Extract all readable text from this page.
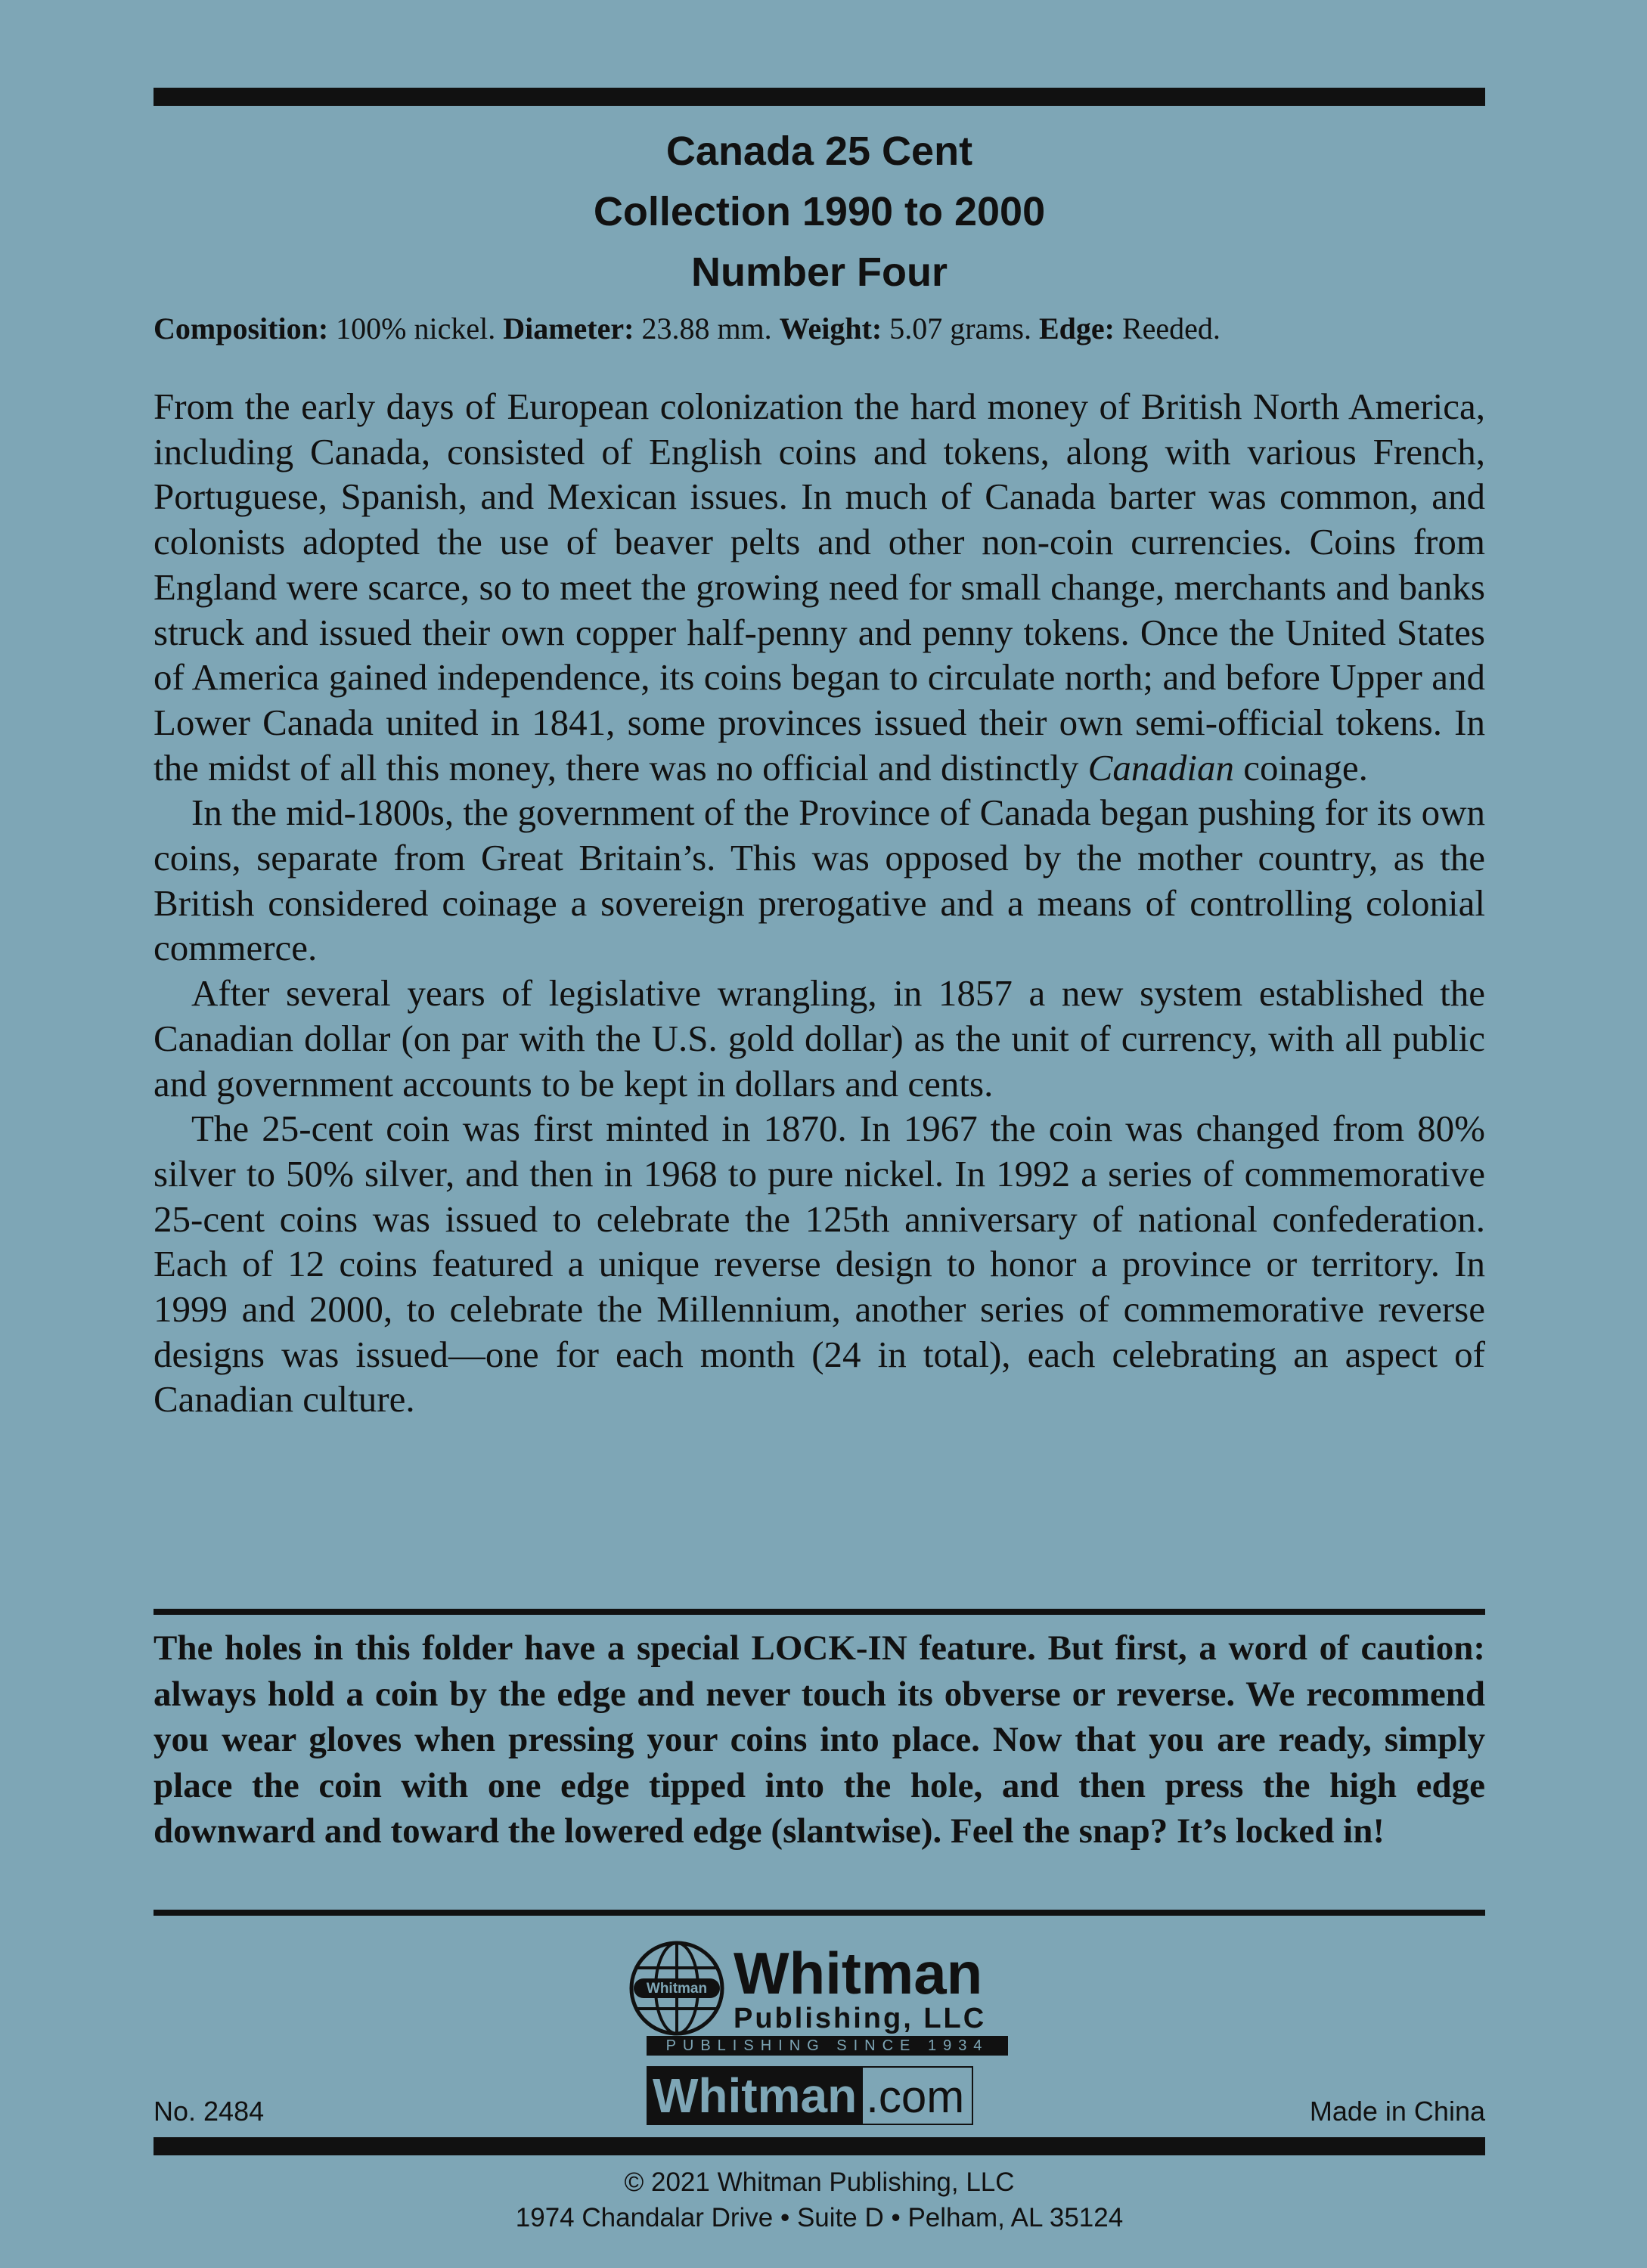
Canada 25 Cent
Collection 1990 to 2000
Number Four
Composition: 100% nickel. Diameter: 23.88 mm. Weight: 5.07 grams. Edge: Reeded.

From the early days of European colonization the hard money of British North America, including Canada, consisted of English coins and tokens, along with various French, Portuguese, Spanish, and Mexican issues. In much of Canada barter was common, and colonists adopted the use of beaver pelts and other non-coin currencies. Coins from England were scarce, so to meet the growing need for small change, merchants and banks struck and issued their own copper half-penny and penny tokens. Once the United States of America gained independence, its coins began to circulate north; and before Upper and Lower Canada united in 1841, some provinces issued their own semi-official tokens. In the midst of all this money, there was no official and distinctly Canadian coinage.

In the mid-1800s, the government of the Province of Canada began pushing for its own coins, separate from Great Britain’s. This was opposed by the mother country, as the British considered coinage a sovereign prerogative and a means of controlling colonial commerce.

After several years of legislative wrangling, in 1857 a new system established the Canadian dollar (on par with the U.S. gold dollar) as the unit of currency, with all public and government accounts to be kept in dollars and cents.

The 25-cent coin was first minted in 1870. In 1967 the coin was changed from 80% silver to 50% silver, and then in 1968 to pure nickel. In 1992 a series of commemorative 25-cent coins was issued to celebrate the 125th anniversary of national confederation. Each of 12 coins featured a unique reverse design to honor a province or territory. In 1999 and 2000, to celebrate the Millennium, another series of commemorative reverse designs was issued—one for each month (24 in total), each celebrating an aspect of Canadian culture.

The holes in this folder have a special LOCK-IN feature. But first, a word of caution: always hold a coin by the edge and never touch its obverse or reverse. We recommend you wear gloves when pressing your coins into place. Now that you are ready, simply place the coin with one edge tipped into the hole, and then press the high edge downward and toward the lowered edge (slantwise). Feel the snap? It’s locked in!
Whitman Whitman
Publishing, LLC
PUBLISHING SINCE 1934
Whitman .com
No. 2484	Made in China
© 2021 Whitman Publishing, LLC
1974 Chandalar Drive • Suite D • Pelham, AL 35124
